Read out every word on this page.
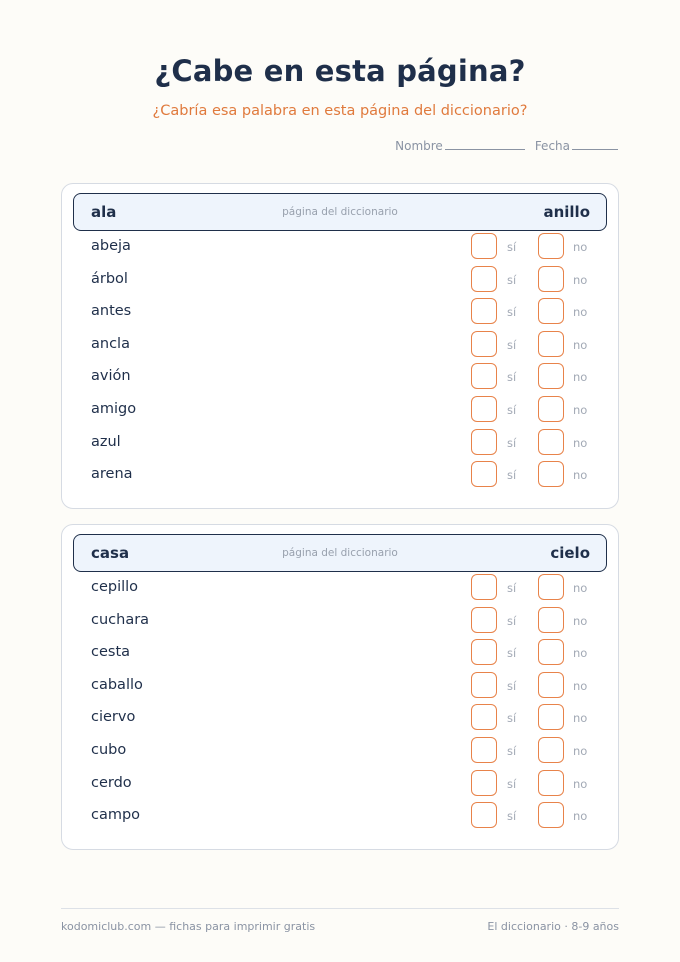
¿Cabe en esta página?
¿Cabría esa palabra en esta página del diccionario?
Nombre	Fecha
ala	página del diccionario	anillo
abeja	sí	no
árbol	sí	no
antes	sí	no
ancla	sí	no
avión	sí	no
amigo	sí	no
azul	sí	no
arena	sí	no
casa	página del diccionario	cielo
cepillo	sí	no
cuchara	sí	no
cesta	sí	no
caballo	sí	no
ciervo	sí	no
cubo	sí	no
cerdo	sí	no
campo	sí	no
kodomiclub.com — fichas para imprimir gratis	El diccionario · 8-9 años
